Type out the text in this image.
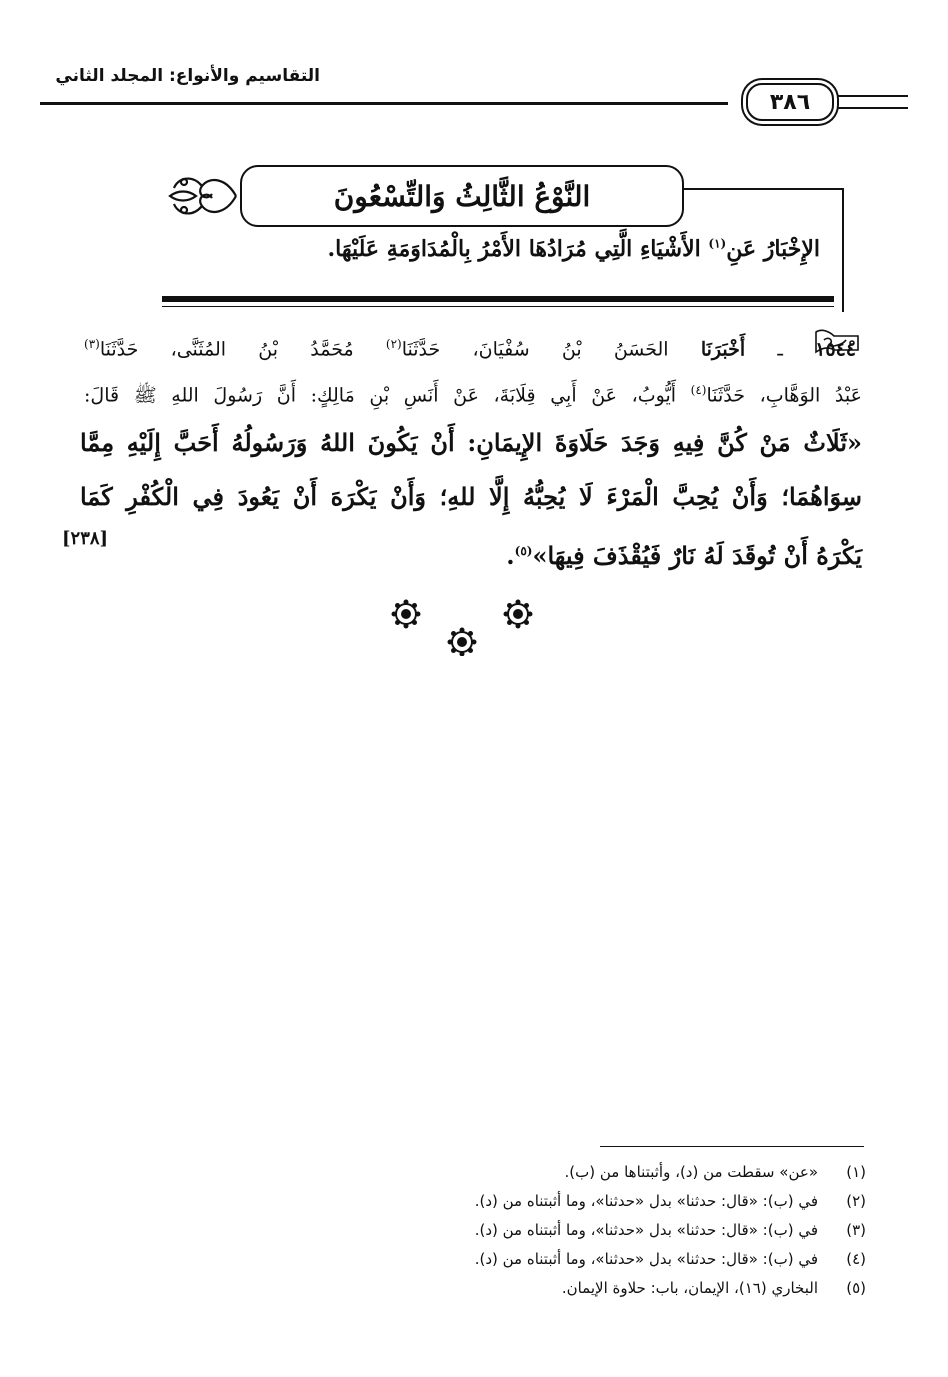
التقاسيم والأنواع: المجلد الثاني
٣٨٦
النَّوْعُ الثَّالِثُ وَالتِّسْعُونَ
الإِخْبَارُ عَنِ$^{(١)}$ الأَشْيَاءِ الَّتِي مُرَادُهَا الأَمْرُ بِالْمُدَاوَمَةِ عَلَيْهَا.
١٥٤٤ ـ أَخْبَرَنَا الحَسَنُ بْنُ سُفْيَانَ، حَدَّثَنَا$^{(٢)}$ مُحَمَّدُ بْنُ المُثَنَّى، حَدَّثَنَا$^{(٣)}$
عَبْدُ الوَهَّابِ، حَدَّثَنَا$^{(٤)}$ أَيُّوبُ، عَنْ أَبِي قِلَابَةَ، عَنْ أَنَسِ بْنِ مَالِكٍ: أَنَّ رَسُولَ اللهِ ﷺ قَالَ:
«ثَلَاثٌ مَنْ كُنَّ فِيهِ وَجَدَ حَلَاوَةَ الإِيمَانِ: أَنْ يَكُونَ اللهُ وَرَسُولُهُ أَحَبَّ إِلَيْهِ مِمَّا
سِوَاهُمَا؛ وَأَنْ يُحِبَّ الْمَرْءَ لَا يُحِبُّهُ إِلَّا للهِ؛ وَأَنْ يَكْرَهَ أَنْ يَعُودَ فِي الْكُفْرِ كَمَا
يَكْرَهُ أَنْ تُوقَدَ لَهُ نَارٌ فَيُقْذَفَ فِيهَا»$^{(٥)}$.
[٢٣٨]
(١)
«عن» سقطت من (د)، وأثبتناها من (ب).
(٢)
في (ب): «قال: حدثنا» بدل «حدثنا»، وما أثبتناه من (د).
(٣)
في (ب): «قال: حدثنا» بدل «حدثنا»، وما أثبتناه من (د).
(٤)
في (ب): «قال: حدثنا» بدل «حدثنا»، وما أثبتناه من (د).
(٥)
البخاري (١٦)، الإيمان، باب: حلاوة الإيمان.
